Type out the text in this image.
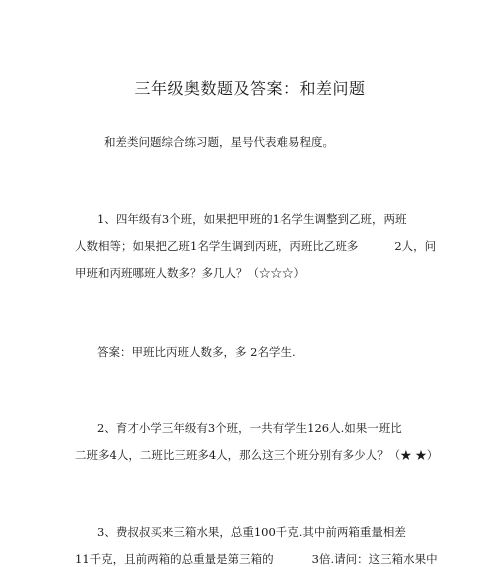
三年级奥数题及答案：和差问题
和差类问题综合练习题，星号代表难易程度。
1、四年级有3个班，如果把甲班的1名学生调整到乙班，两班
人数相等；如果把乙班1名学生调到丙班，丙班比乙班多	2人，问
甲班和丙班哪班人数多？多几人？（☆☆☆）
答案：甲班比丙班人数多，多 2名学生.
2、育才小学三年级有3个班，一共有学生126人.如果一班比
二班多4人，二班比三班多4人，那么这三个班分别有多少人？（★ ★）
3、费叔叔买来三箱水果，总重100千克.其中前两箱重量相差
11千克，且前两箱的总重量是第三箱的	3倍.请问：这三箱水果中
